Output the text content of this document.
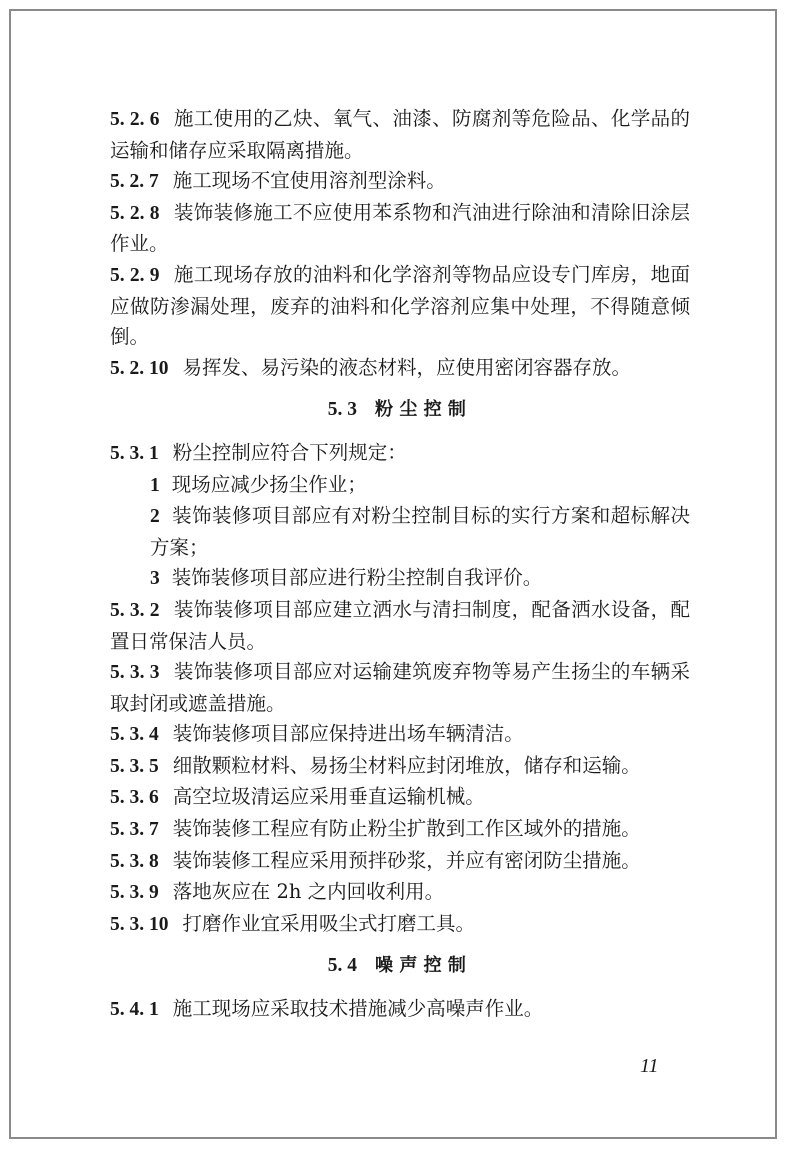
5. 2. 6 施工使用的乙炔、氧气、油漆、防腐剂等危险品、化学品的运输和储存应采取隔离措施。
5. 2. 7 施工现场不宜使用溶剂型涂料。
5. 2. 8 装饰装修施工不应使用苯系物和汽油进行除油和清除旧涂层作业。
5. 2. 9 施工现场存放的油料和化学溶剂等物品应设专门库房，地面应做防渗漏处理，废弃的油料和化学溶剂应集中处理，不得随意倾倒。
5. 2. 10 易挥发、易污染的液态材料，应使用密闭容器存放。
5. 3 粉尘控制
5. 3. 1 粉尘控制应符合下列规定：
1 现场应减少扬尘作业；
2 装饰装修项目部应有对粉尘控制目标的实行方案和超标解决方案；
3 装饰装修项目部应进行粉尘控制自我评价。
5. 3. 2 装饰装修项目部应建立洒水与清扫制度，配备洒水设备，配置日常保洁人员。
5. 3. 3 装饰装修项目部应对运输建筑废弃物等易产生扬尘的车辆采取封闭或遮盖措施。
5. 3. 4 装饰装修项目部应保持进出场车辆清洁。
5. 3. 5 细散颗粒材料、易扬尘材料应封闭堆放，储存和运输。
5. 3. 6 高空垃圾清运应采用垂直运输机械。
5. 3. 7 装饰装修工程应有防止粉尘扩散到工作区域外的措施。
5. 3. 8 装饰装修工程应采用预拌砂浆，并应有密闭防尘措施。
5. 3. 9 落地灰应在 2h 之内回收利用。
5. 3. 10 打磨作业宜采用吸尘式打磨工具。
5. 4 噪声控制
5. 4. 1 施工现场应采取技术措施减少高噪声作业。
11
